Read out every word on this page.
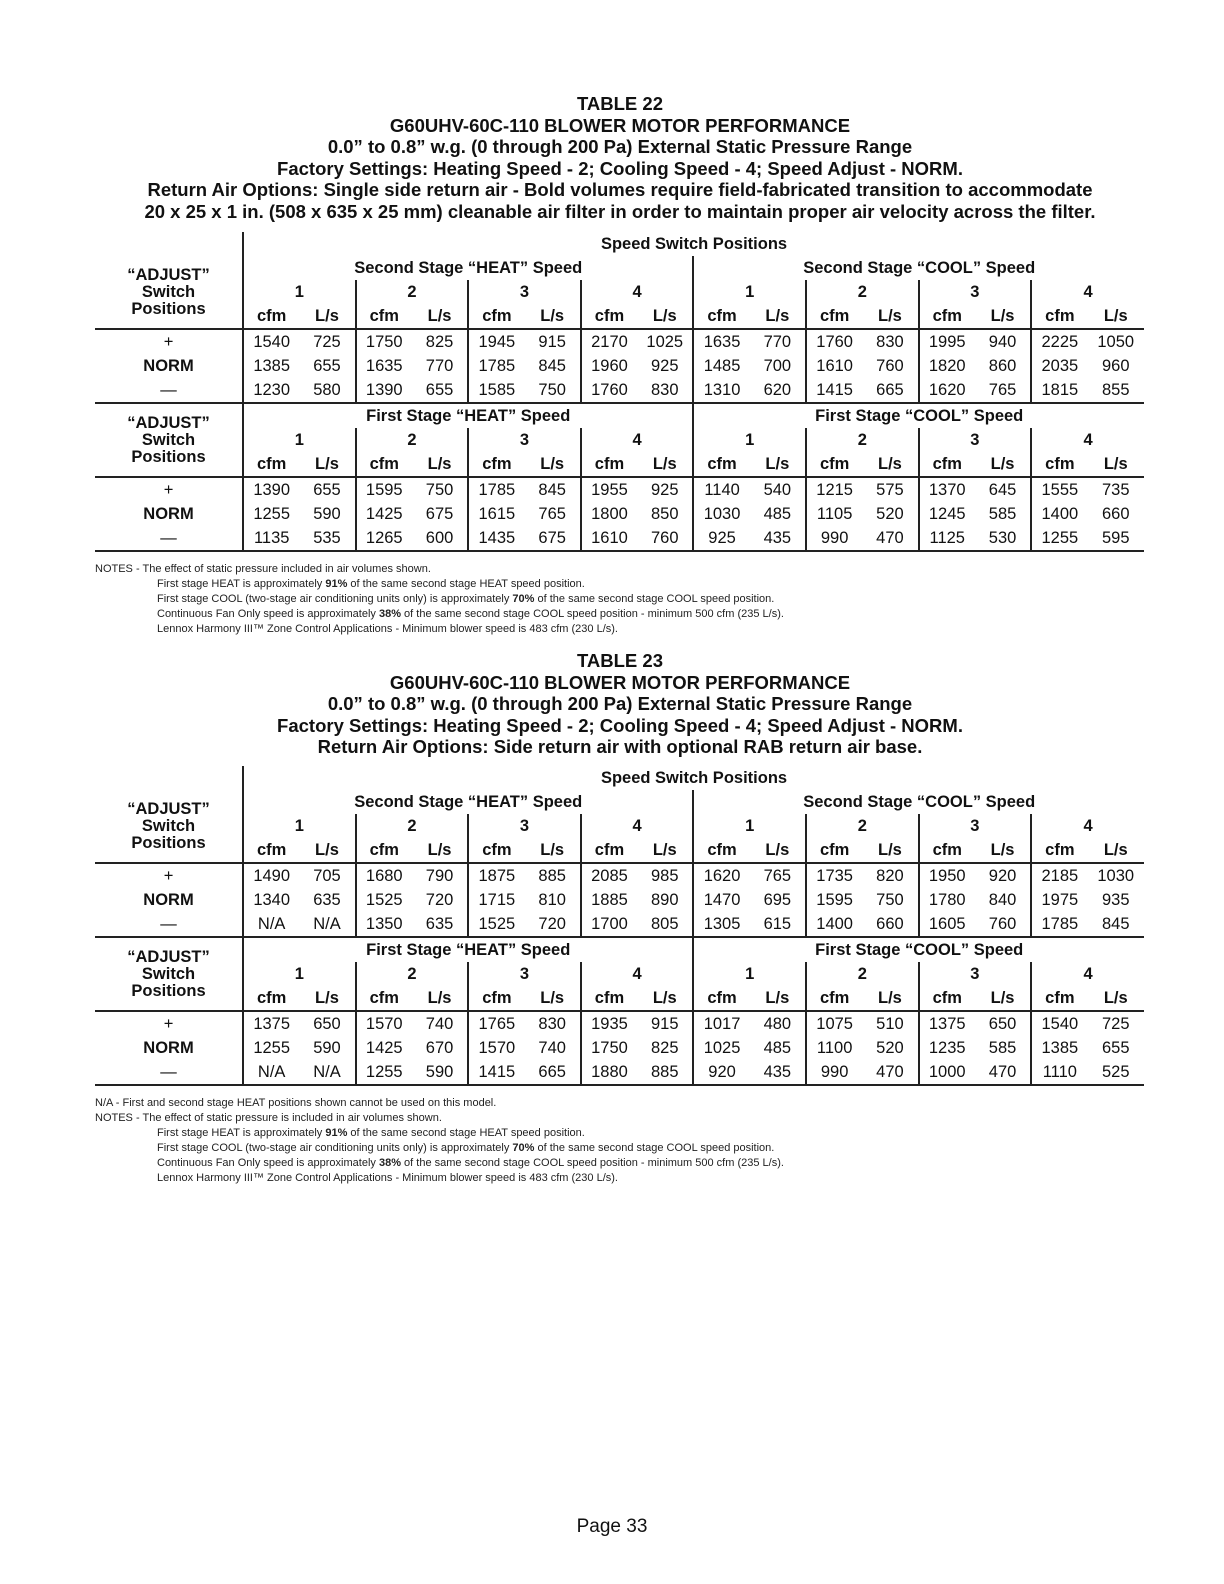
TABLE 22
G60UHV-60C-110 BLOWER MOTOR PERFORMANCE
0.0” to 0.8” w.g. (0 through 200 Pa) External Static Pressure Range
Factory Settings: Heating Speed - 2; Cooling Speed - 4; Speed Adjust - NORM.
Return Air Options: Single side return air - Bold volumes require field-fabricated transition to accommodate
20 x 25 x 1 in. (508 x 635 x 25 mm) cleanable air filter in order to maintain proper air velocity across the filter.
	Speed Switch Positions															
“ADJUST”
Switch
Positions	Second Stage “HEAT” Speed								Second Stage “COOL” Speed							
	1		2		3		4		1		2		3		4	
	cfm	L/s	cfm	L/s	cfm	L/s	cfm	L/s	cfm	L/s	cfm	L/s	cfm	L/s	cfm	L/s
+	1540	725	1750	825	1945	915	2170	1025	1635	770	1760	830	1995	940	2225	1050
NORM	1385	655	1635	770	1785	845	1960	925	1485	700	1610	760	1820	860	2035	960
—	1230	580	1390	655	1585	750	1760	830	1310	620	1415	665	1620	765	1815	855
“ADJUST”
Switch
Positions	First Stage “HEAT” Speed								First Stage “COOL” Speed							
	1		2		3		4		1		2		3		4	
	cfm	L/s	cfm	L/s	cfm	L/s	cfm	L/s	cfm	L/s	cfm	L/s	cfm	L/s	cfm	L/s
+	1390	655	1595	750	1785	845	1955	925	1140	540	1215	575	1370	645	1555	735
NORM	1255	590	1425	675	1615	765	1800	850	1030	485	1105	520	1245	585	1400	660
—	1135	535	1265	600	1435	675	1610	760	925	435	990	470	1125	530	1255	595
NOTES - The effect of static pressure included in air volumes shown.
First stage HEAT is approximately 91% of the same second stage HEAT speed position.
First stage COOL (two-stage air conditioning units only) is approximately 70% of the same second stage COOL speed position.
Continuous Fan Only speed is approximately 38% of the same second stage COOL speed position - minimum 500 cfm (235 L/s).
Lennox Harmony III™ Zone Control Applications - Minimum blower speed is 483 cfm (230 L/s).
TABLE 23
G60UHV-60C-110 BLOWER MOTOR PERFORMANCE
0.0” to 0.8” w.g. (0 through 200 Pa) External Static Pressure Range
Factory Settings: Heating Speed - 2; Cooling Speed - 4; Speed Adjust - NORM.
Return Air Options: Side return air with optional RAB return air base.
	Speed Switch Positions															
“ADJUST”
Switch
Positions	Second Stage “HEAT” Speed								Second Stage “COOL” Speed							
	1		2		3		4		1		2		3		4	
	cfm	L/s	cfm	L/s	cfm	L/s	cfm	L/s	cfm	L/s	cfm	L/s	cfm	L/s	cfm	L/s
+	1490	705	1680	790	1875	885	2085	985	1620	765	1735	820	1950	920	2185	1030
NORM	1340	635	1525	720	1715	810	1885	890	1470	695	1595	750	1780	840	1975	935
—	N/A	N/A	1350	635	1525	720	1700	805	1305	615	1400	660	1605	760	1785	845
“ADJUST”
Switch
Positions	First Stage “HEAT” Speed								First Stage “COOL” Speed							
	1		2		3		4		1		2		3		4	
	cfm	L/s	cfm	L/s	cfm	L/s	cfm	L/s	cfm	L/s	cfm	L/s	cfm	L/s	cfm	L/s
+	1375	650	1570	740	1765	830	1935	915	1017	480	1075	510	1375	650	1540	725
NORM	1255	590	1425	670	1570	740	1750	825	1025	485	1100	520	1235	585	1385	655
—	N/A	N/A	1255	590	1415	665	1880	885	920	435	990	470	1000	470	1110	525
N/A - First and second stage HEAT positions shown cannot be used on this model.
NOTES - The effect of static pressure is included in air volumes shown.
First stage HEAT is approximately 91% of the same second stage HEAT speed position.
First stage COOL (two-stage air conditioning units only) is approximately 70% of the same second stage COOL speed position.
Continuous Fan Only speed is approximately 38% of the same second stage COOL speed position - minimum 500 cfm (235 L/s).
Lennox Harmony III™ Zone Control Applications - Minimum blower speed is 483 cfm (230 L/s).
Page 33
